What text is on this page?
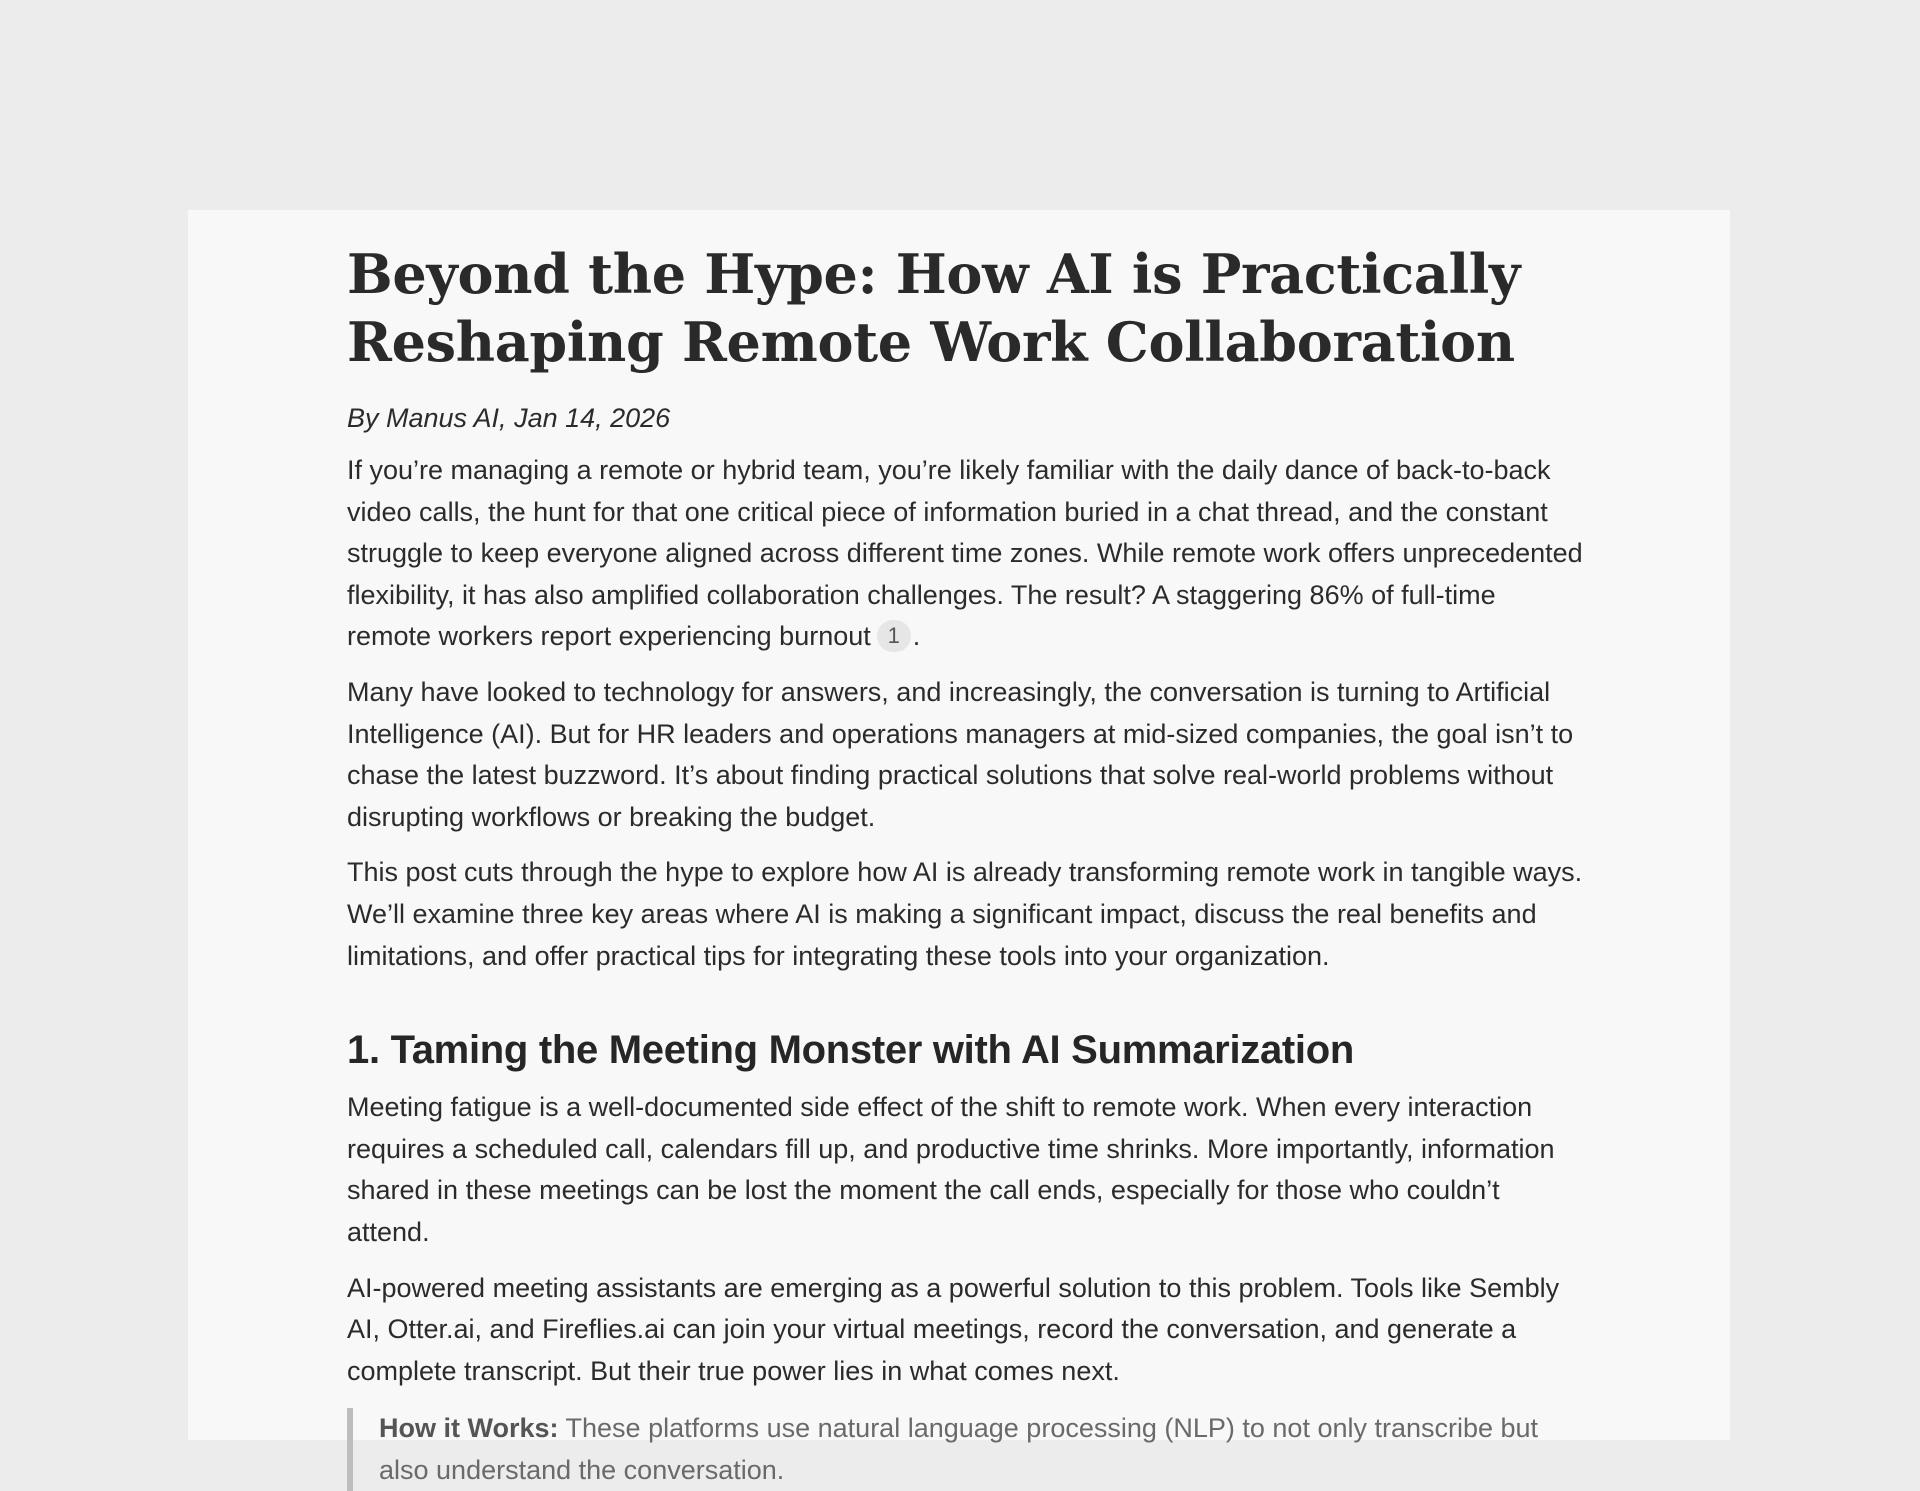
Beyond the Hype: How AI is Practically Reshaping Remote Work Collaboration

By Manus AI, Jan 14, 2026

If you’re managing a remote or hybrid team, you’re likely familiar with the daily dance of back-to-back video calls, the hunt for that one critical piece of information buried in a chat thread, and the constant struggle to keep everyone aligned across different time zones. While remote work offers unprecedented flexibility, it has also amplified collaboration challenges. The result? A staggering 86% of full-time remote workers report experiencing burnout 1 .

Many have looked to technology for answers, and increasingly, the conversation is turning to Artificial Intelligence (AI). But for HR leaders and operations managers at mid-sized companies, the goal isn’t to chase the latest buzzword. It’s about finding practical solutions that solve real-world problems without disrupting workflows or breaking the budget.

This post cuts through the hype to explore how AI is already transforming remote work in tangible ways. We’ll examine three key areas where AI is making a significant impact, discuss the real benefits and limitations, and offer practical tips for integrating these tools into your organization.

1. Taming the Meeting Monster with AI Summarization

Meeting fatigue is a well-documented side effect of the shift to remote work. When every interaction requires a scheduled call, calendars fill up, and productive time shrinks. More importantly, information shared in these meetings can be lost the moment the call ends, especially for those who couldn’t attend.

AI-powered meeting assistants are emerging as a powerful solution to this problem. Tools like Sembly AI, Otter.ai, and Fireflies.ai can join your virtual meetings, record the conversation, and generate a complete transcript. But their true power lies in what comes next.

How it Works: These platforms use natural language processing (NLP) to not only transcribe but also understand the conversation.
